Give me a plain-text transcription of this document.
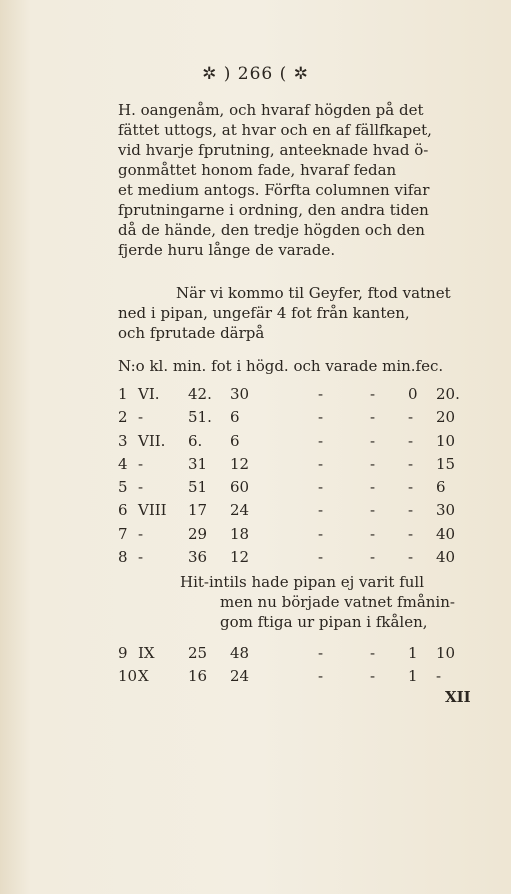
✲ ) 266 ( ✲
H. oangenåm, och hvaraf högden på det
fättet uttogs, at hvar och en af fällfkapet,
vid hvarje fprutning, anteeknade hvad ö-
gonmåttet honom fade, hvaraf fedan
et medium antogs. Förfta columnen vifar
fprutningarne i ordning, den andra tiden
då de hände, den tredje högden och den
fjerde huru långe de varade.
När vi kommo til Geyfer, ftod vatnet
ned i pipan, ungefär 4 fot från kanten,
och fprutade därpå
N:o kl. min. fot i högd. och varade min.fec.
1 VI. 42. 30	-	- 0 20.
2 -	51. 6	-	- - 20
3 VII. 6. 6	-	- - 10
4 -	31 12	-	- - 15
5 -	51 60	-	- - 6
6 VIII 17 24	-	- - 30
7 -	29 18	-	- - 40
8 -	36 12	-	- - 40
Hit-intils hade pipan ej varit full
men nu började vatnet fmånin-
gom ftiga ur pipan i fkålen,
9 IX 25 48	-	- 1 10
10 X	16 24	-	- 1 -
XII
